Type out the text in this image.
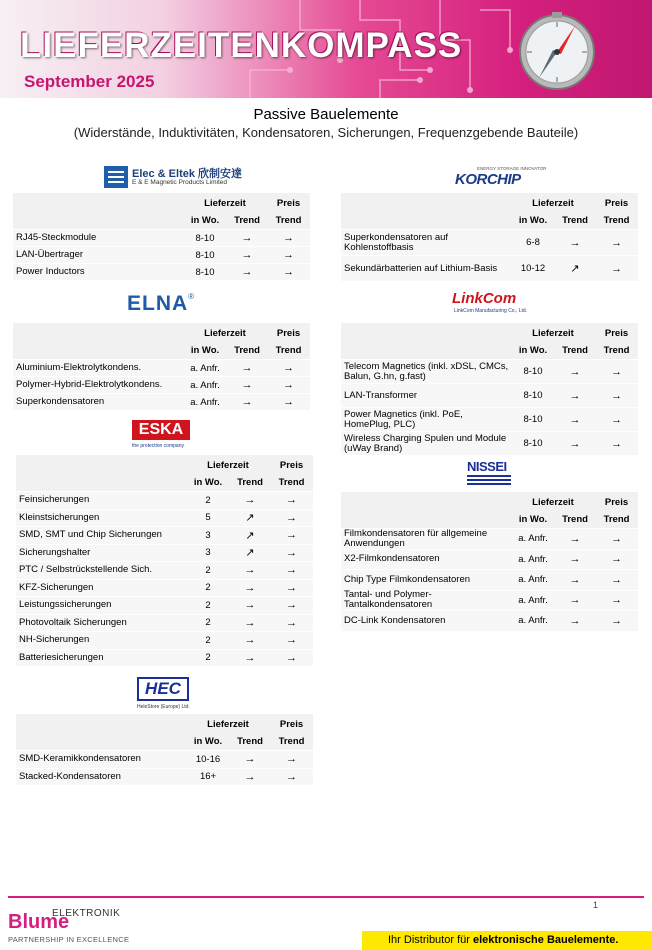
LIEFERZEITENKOMPASS
September 2025
Passive Bauelemente
(Widerstände, Induktivitäten, Kondensatoren, Sicherungen, Frequenzgebende Bauteile)
Elec & Eltek 欣制安達
E & E Magnetic Products Limited
ENERGY STORAGE INNOVATOR
KORCHIP
Lieferzeit	Preis
in Wo.	Trend	Trend
RJ45-Steckmodule	8-10	→	→
LAN-Übertrager	8-10	→	→
Power Inductors	8-10	→	→
Lieferzeit	Preis
in Wo.	Trend	Trend
Superkondensatoren auf Kohlenstoffbasis	6-8	→	→
Sekundärbatterien auf Lithium-Basis	10-12	↗	→
ELNA®	LinkCom
LinkCom Manufacturing Co., Ltd.
Lieferzeit	Preis
in Wo.	Trend	Trend
Aluminium-Elektrolytkondens.	a. Anfr.	→	→
Polymer-Hybrid-Elektrolytkondens.	a. Anfr.	→	→
Superkondensatoren	a. Anfr.	→	→
Lieferzeit	Preis
in Wo.	Trend	Trend
Telecom Magnetics (inkl. xDSL, CMCs, Balun, G.hn, g.fast)	8-10	→	→
LAN-Transformer	8-10	→	→
Power Magnetics (inkl. PoE, HomePlug, PLC)	8-10	→	→
Wireless Charging Spulen und Module (uWay Brand)	8-10	→	→
ESKA
the protection company
NISSEI
Lieferzeit	Preis
in Wo.	Trend	Trend
Feinsicherungen	2	→	→
Kleinstsicherungen	5	↗	→
SMD, SMT und Chip Sicherungen	3	↗	→
Sicherungshalter	3	↗	→
PTC / Selbstrückstellende Sich.	2	→	→
KFZ-Sicherungen	2	→	→
Leistungssicherungen	2	→	→
Photovoltaik Sicherungen	2	→	→
NH-Sicherungen	2	→	→
Batteriesicherungen	2	→	→
Lieferzeit	Preis
in Wo.	Trend	Trend
Filmkondensatoren für allgemeine Anwendungen	a. Anfr.	→	→
X2-Filmkondensatoren	a. Anfr.	→	→
Chip Type Filmkondensatoren	a. Anfr.	→	→
Tantal- und Polymer-Tantalkondensatoren	a. Anfr.	→	→
DC-Link Kondensatoren	a. Anfr.	→	→
HEC
HeleStore (Europe) Ltd.
Lieferzeit	Preis
in Wo.	Trend	Trend
SMD-Keramikkondensatoren	10-16	→	→
Stacked-Kondensatoren	16+	→	→
1
ELEKTRONIK
Blume
PARTNERSHIP IN EXCELLENCE	Ihr Distributor für elektronische Bauelemente.
